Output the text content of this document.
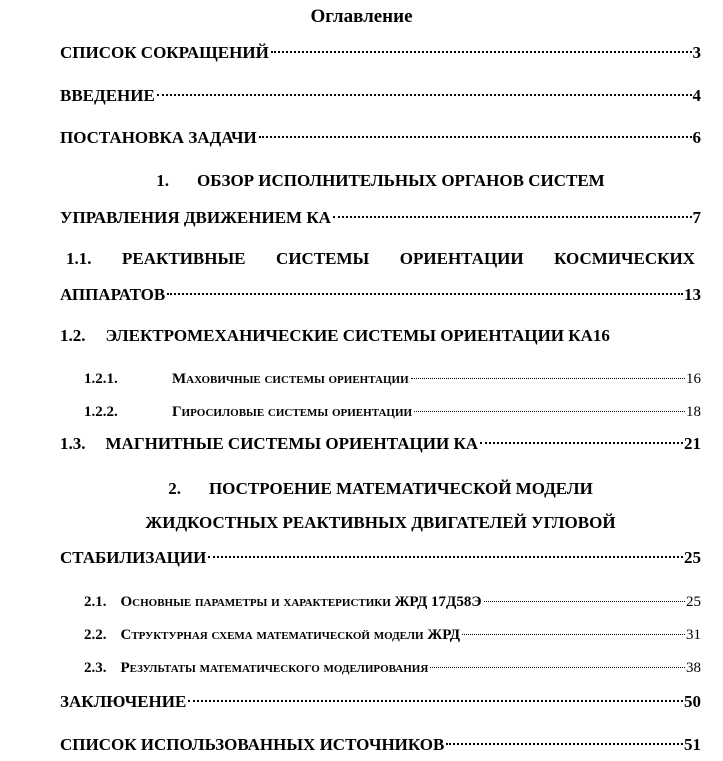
Оглавление
СПИСОК СОКРАЩЕНИЙ	3
ВВЕДЕНИЕ	4
ПОСТАНОВКА ЗАДАЧИ	6
1. ОБЗОР ИСПОЛНИТЕЛЬНЫХ ОРГАНОВ СИСТЕМ
УПРАВЛЕНИЯ ДВИЖЕНИЕМ КА	7
1.1. РЕАКТИВНЫЕ СИСТЕМЫ ОРИЕНТАЦИИ КОСМИЧЕСКИХ
АППАРАТОВ	13
1.2. ЭЛЕКТРОМЕХАНИЧЕСКИЕ СИСТЕМЫ ОРИЕНТАЦИИ КА 16
1.2.1.	Маховичные системы ориентации	16
1.2.2.	Гиросиловые системы ориентации	18
1.3. МАГНИТНЫЕ СИСТЕМЫ ОРИЕНТАЦИИ КА	21
2. ПОСТРОЕНИЕ МАТЕМАТИЧЕСКОЙ МОДЕЛИ
ЖИДКОСТНЫХ РЕАКТИВНЫХ ДВИГАТЕЛЕЙ УГЛОВОЙ
СТАБИЛИЗАЦИИ	25
2.1. Основные параметры и характеристики ЖРД 17Д58Э	25
2.2. Структурная схема математической модели ЖРД	31
2.3. Результаты математического моделирования	38
ЗАКЛЮЧЕНИЕ	50
СПИСОК ИСПОЛЬЗОВАННЫХ ИСТОЧНИКОВ	51
